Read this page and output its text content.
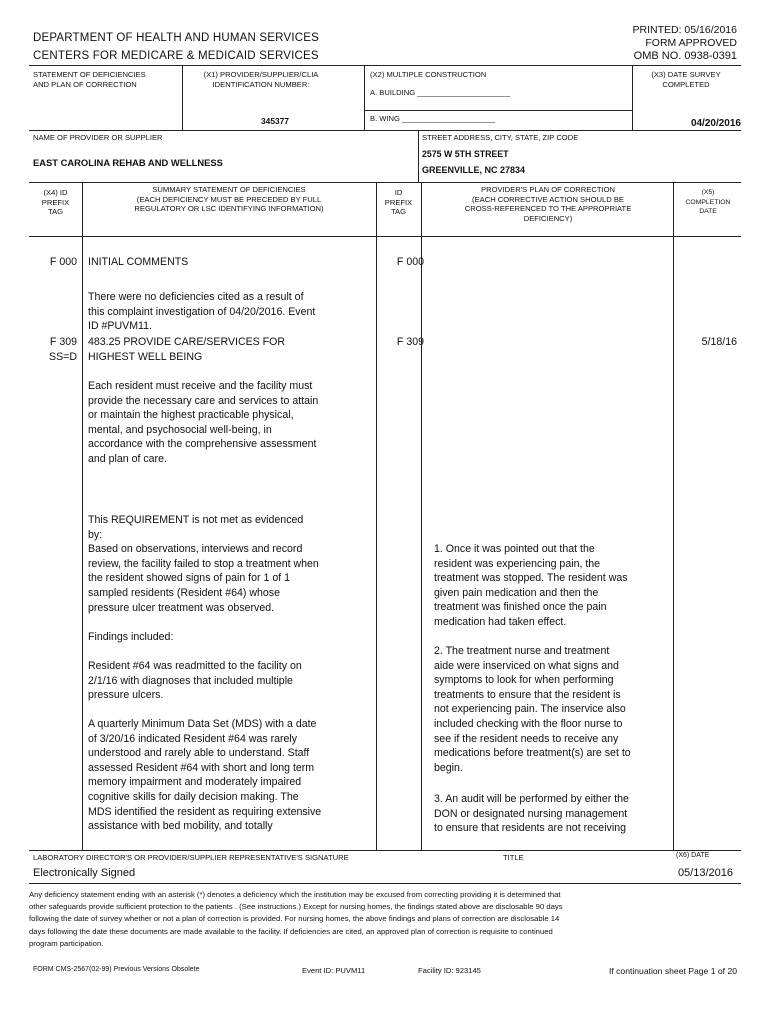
DEPARTMENT OF HEALTH AND HUMAN SERVICES
CENTERS FOR MEDICARE & MEDICAID SERVICES
PRINTED: 05/16/2016
FORM APPROVED
OMB NO. 0938-0391
STATEMENT OF DEFICIENCIES
AND PLAN OF CORRECTION
(X1) PROVIDER/SUPPLIER/CLIA
IDENTIFICATION NUMBER:
345377
(X2) MULTIPLE CONSTRUCTION
A. BUILDING ______________________
B. WING ______________________
(X3) DATE SURVEY
COMPLETED
04/20/2016
NAME OF PROVIDER OR SUPPLIER
EAST CAROLINA REHAB AND WELLNESS
STREET ADDRESS, CITY, STATE, ZIP CODE
2575 W 5TH STREET
GREENVILLE, NC 27834
(X4) ID
PREFIX
TAG
SUMMARY STATEMENT OF DEFICIENCIES
(EACH DEFICIENCY MUST BE PRECEDED BY FULL
REGULATORY OR LSC IDENTIFYING INFORMATION)
ID
PREFIX
TAG
PROVIDER'S PLAN OF CORRECTION
(EACH CORRECTIVE ACTION SHOULD BE
CROSS-REFERENCED TO THE APPROPRIATE
DEFICIENCY)
(X5)
COMPLETION
DATE
F 000 INITIAL COMMENTS	F 000
There were no deficiencies cited as a result of
this complaint investigation of 04/20/2016. Event
ID #PUVM11.
F 309
SS=D
483.25 PROVIDE CARE/SERVICES FOR
HIGHEST WELL BEING
F 309	5/18/16
Each resident must receive and the facility must
provide the necessary care and services to attain
or maintain the highest practicable physical,
mental, and psychosocial well-being, in
accordance with the comprehensive assessment
and plan of care.
This REQUIREMENT is not met as evidenced
by:
Based on observations, interviews and record
review, the facility failed to stop a treatment when
the resident showed signs of pain for 1 of 1
sampled residents (Resident #64) whose
pressure ulcer treatment was observed.
Findings included:
Resident #64 was readmitted to the facility on
2/1/16 with diagnoses that included multiple
pressure ulcers.
A quarterly Minimum Data Set (MDS) with a date
of 3/20/16 indicated Resident #64 was rarely
understood and rarely able to understand. Staff
assessed Resident #64 with short and long term
memory impairment and moderately impaired
cognitive skills for daily decision making. The
MDS identified the resident as requiring extensive
assistance with bed mobility, and totally
1. Once it was pointed out that the
resident was experiencing pain, the
treatment was stopped. The resident was
given pain medication and then the
treatment was finished once the pain
medication had taken effect.
2. The treatment nurse and treatment
aide were inserviced on what signs and
symptoms to look for when performing
treatments to ensure that the resident is
not experiencing pain. The inservice also
included checking with the floor nurse to
see if the resident needs to receive any
medications before treatment(s) are set to
begin.
3. An audit will be performed by either the
DON or designated nursing management
to ensure that residents are not receiving
LABORATORY DIRECTOR'S OR PROVIDER/SUPPLIER REPRESENTATIVE'S SIGNATURE	TITLE	(X6) DATE
Electronically Signed	05/13/2016
Any deficiency statement ending with an asterisk (*) denotes a deficiency which the institution may be excused from correcting providing it is determined that
other safeguards provide sufficient protection to the patients . (See instructions.) Except for nursing homes, the findings stated above are disclosable 90 days
following the date of survey whether or not a plan of correction is provided. For nursing homes, the above findings and plans of correction are disclosable 14
days following the date these documents are made available to the facility. If deficiencies are cited, an approved plan of correction is requisite to continued
program participation.
FORM CMS-2567(02-99) Previous Versions Obsolete	Event ID: PUVM11	Facility ID: 923145	If continuation sheet Page 1 of 20
